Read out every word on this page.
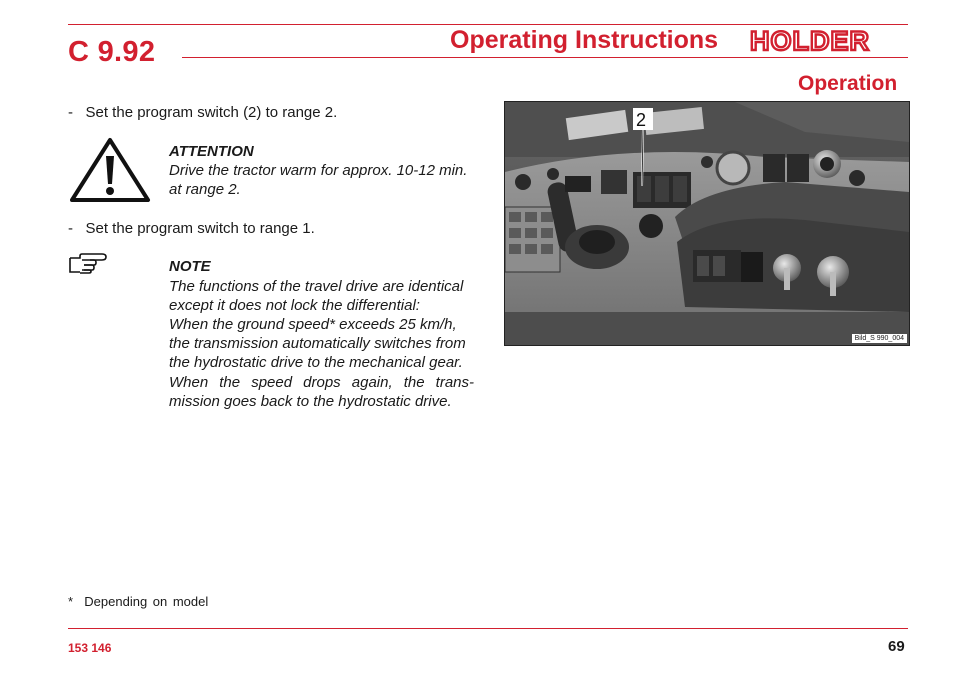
C 9.92	Operating Instructions HOLDER
Operation
-   Set the program switch (2) to range 2.
ATTENTION
Drive the tractor warm for approx. 10-12 min.
at range 2.
-   Set the program switch to range 1.
NOTE
The functions of the travel drive are identical
except it does not lock the differential:
When the ground speed* exceeds 25 km/h,
the transmission automatically switches from
the hydrostatic drive to the mechanical gear.
When the speed drops again, the trans-
mission goes back to the hydrostatic drive.
2
Bild_S 990_004
*  Depending on model
153 146	69
